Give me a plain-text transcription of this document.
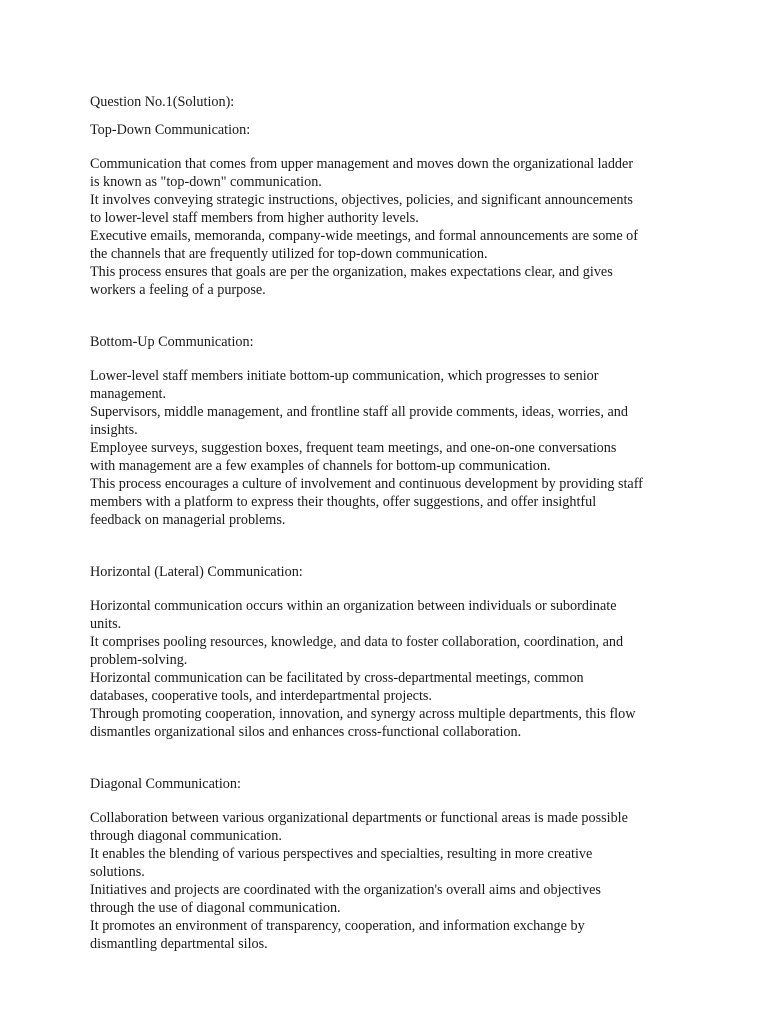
Question No.1(Solution):
Top-Down Communication:
Communication that comes from upper management and moves down the organizational ladder
is known as "top-down" communication.
It involves conveying strategic instructions, objectives, policies, and significant announcements
to lower-level staff members from higher authority levels.
Executive emails, memoranda, company-wide meetings, and formal announcements are some of
the channels that are frequently utilized for top-down communication.
This process ensures that goals are per the organization, makes expectations clear, and gives
workers a feeling of a purpose.
Bottom-Up Communication:
Lower-level staff members initiate bottom-up communication, which progresses to senior
management.
Supervisors, middle management, and frontline staff all provide comments, ideas, worries, and
insights.
Employee surveys, suggestion boxes, frequent team meetings, and one-on-one conversations
with management are a few examples of channels for bottom-up communication.
This process encourages a culture of involvement and continuous development by providing staff
members with a platform to express their thoughts, offer suggestions, and offer insightful
feedback on managerial problems.
Horizontal (Lateral) Communication:
Horizontal communication occurs within an organization between individuals or subordinate
units.
It comprises pooling resources, knowledge, and data to foster collaboration, coordination, and
problem-solving.
Horizontal communication can be facilitated by cross-departmental meetings, common
databases, cooperative tools, and interdepartmental projects.
Through promoting cooperation, innovation, and synergy across multiple departments, this flow
dismantles organizational silos and enhances cross-functional collaboration.
Diagonal Communication:
Collaboration between various organizational departments or functional areas is made possible
through diagonal communication.
It enables the blending of various perspectives and specialties, resulting in more creative
solutions.
Initiatives and projects are coordinated with the organization's overall aims and objectives
through the use of diagonal communication.
It promotes an environment of transparency, cooperation, and information exchange by
dismantling departmental silos.
